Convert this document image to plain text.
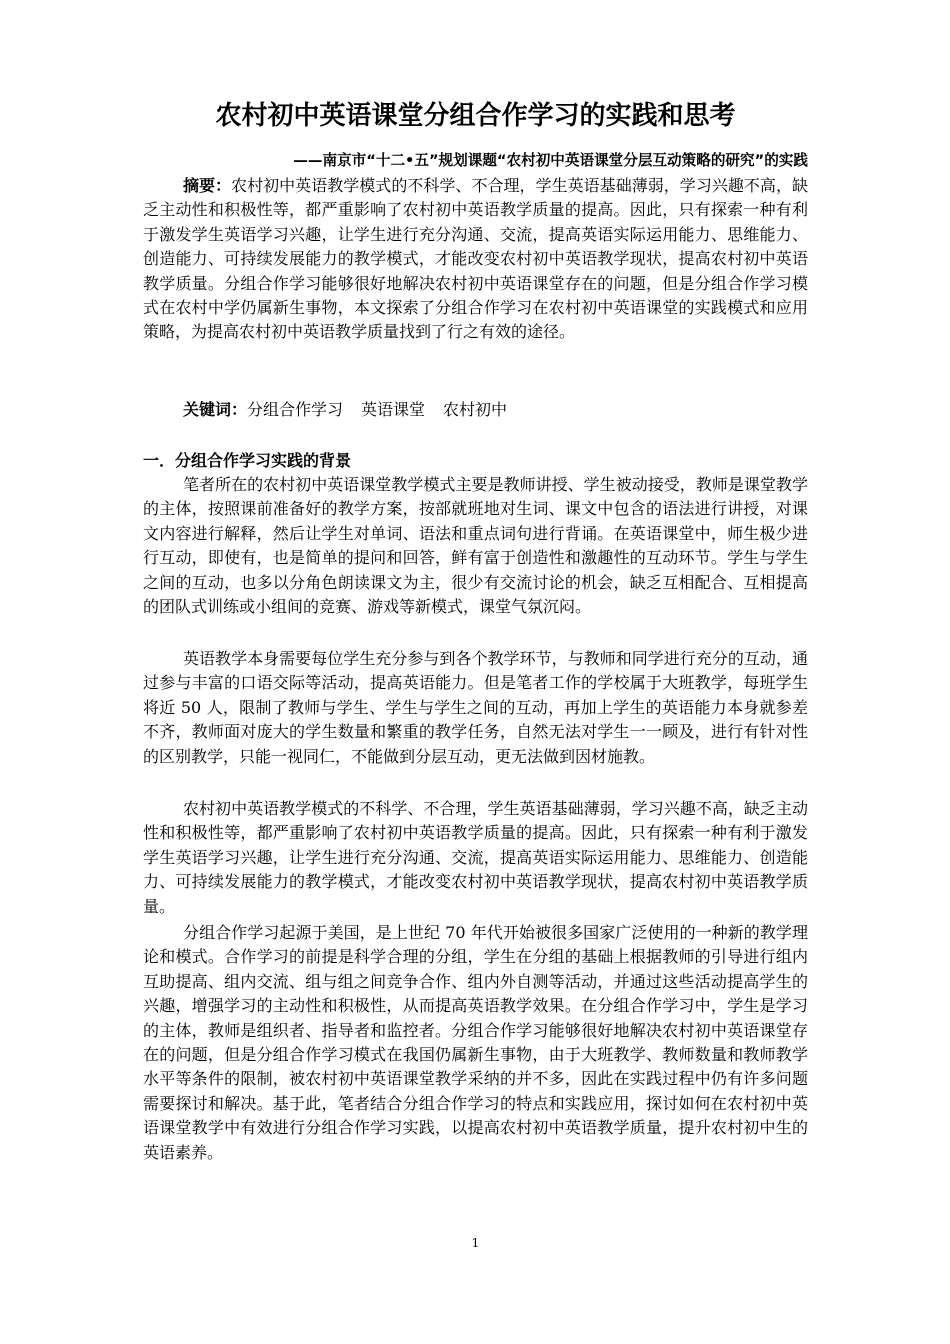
农村初中英语课堂分组合作学习的实践和思考
——南京市“十二•五”规划课题“农村初中英语课堂分层互动策略的研究”的实践
摘要：农村初中英语教学模式的不科学、不合理，学生英语基础薄弱，学习兴趣不高，缺乏主动性和积极性等，都严重影响了农村初中英语教学质量的提高。因此，只有探索一种有利于激发学生英语学习兴趣，让学生进行充分沟通、交流，提高英语实际运用能力、思维能力、创造能力、可持续发展能力的教学模式，才能改变农村初中英语教学现状，提高农村初中英语教学质量。分组合作学习能够很好地解决农村初中英语课堂存在的问题，但是分组合作学习模式在农村中学仍属新生事物，本文探索了分组合作学习在农村初中英语课堂的实践模式和应用策略，为提高农村初中英语教学质量找到了行之有效的途径。
关键词：分组合作学习 英语课堂 农村初中
一．分组合作学习实践的背景
笔者所在的农村初中英语课堂教学模式主要是教师讲授、学生被动接受，教师是课堂教学的主体，按照课前准备好的教学方案，按部就班地对生词、课文中包含的语法进行讲授，对课文内容进行解释，然后让学生对单词、语法和重点词句进行背诵。在英语课堂中，师生极少进行互动，即使有，也是简单的提问和回答，鲜有富于创造性和激趣性的互动环节。学生与学生之间的互动，也多以分角色朗读课文为主，很少有交流讨论的机会，缺乏互相配合、互相提高的团队式训练或小组间的竞赛、游戏等新模式，课堂气氛沉闷。
英语教学本身需要每位学生充分参与到各个教学环节，与教师和同学进行充分的互动，通过参与丰富的口语交际等活动，提高英语能力。但是笔者工作的学校属于大班教学，每班学生将近 50 人，限制了教师与学生、学生与学生之间的互动，再加上学生的英语能力本身就参差不齐，教师面对庞大的学生数量和繁重的教学任务，自然无法对学生一一顾及，进行有针对性的区别教学，只能一视同仁，不能做到分层互动，更无法做到因材施教。
农村初中英语教学模式的不科学、不合理，学生英语基础薄弱，学习兴趣不高，缺乏主动性和积极性等，都严重影响了农村初中英语教学质量的提高。因此，只有探索一种有利于激发学生英语学习兴趣，让学生进行充分沟通、交流，提高英语实际运用能力、思维能力、创造能力、可持续发展能力的教学模式，才能改变农村初中英语教学现状，提高农村初中英语教学质量。
分组合作学习起源于美国，是上世纪 70 年代开始被很多国家广泛使用的一种新的教学理论和模式。合作学习的前提是科学合理的分组，学生在分组的基础上根据教师的引导进行组内互助提高、组内交流、组与组之间竞争合作、组内外自测等活动，并通过这些活动提高学生的兴趣，增强学习的主动性和积极性，从而提高英语教学效果。在分组合作学习中，学生是学习的主体，教师是组织者、指导者和监控者。分组合作学习能够很好地解决农村初中英语课堂存在的问题，但是分组合作学习模式在我国仍属新生事物，由于大班教学、教师数量和教师教学水平等条件的限制，被农村初中英语课堂教学采纳的并不多，因此在实践过程中仍有许多问题需要探讨和解决。基于此，笔者结合分组合作学习的特点和实践应用，探讨如何在农村初中英语课堂教学中有效进行分组合作学习实践，以提高农村初中英语教学质量，提升农村初中生的英语素养。
1
